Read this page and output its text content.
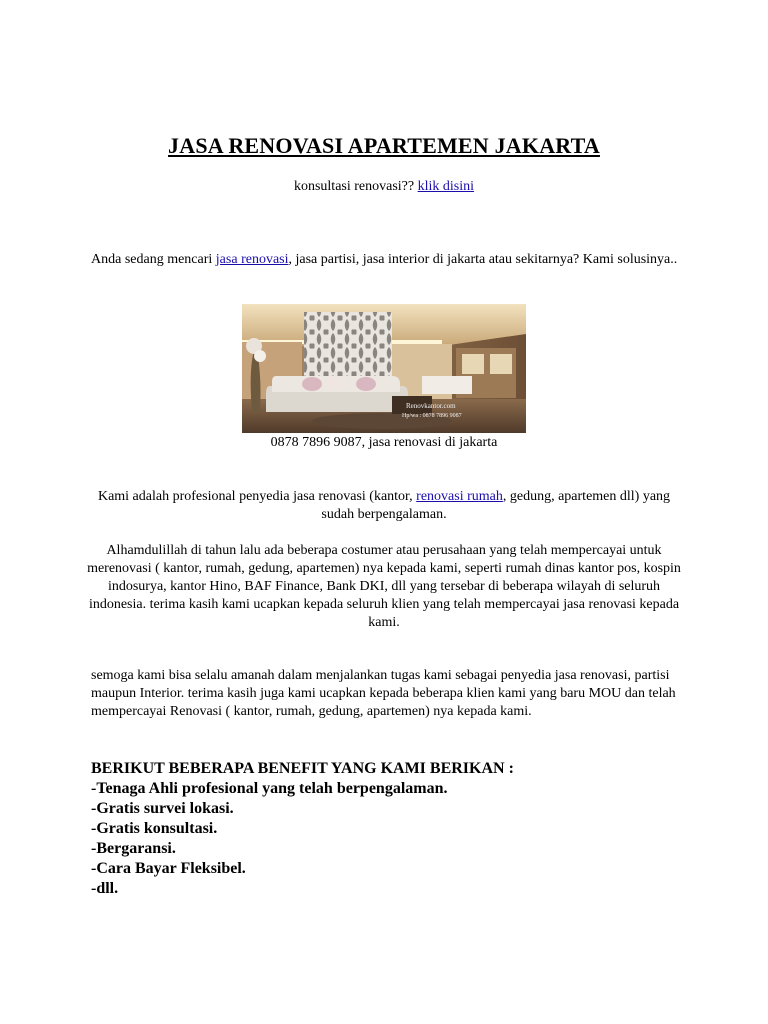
JASA RENOVASI APARTEMEN JAKARTA
konsultasi renovasi?? klik disini
Anda sedang mencari jasa renovasi, jasa partisi, jasa interior di jakarta atau sekitarnya? Kami solusinya..
Renovkantor.com
Hp/wa : 0878 7896 9087
0878 7896 9087, jasa renovasi di jakarta
Kami adalah profesional penyedia jasa renovasi (kantor, renovasi rumah, gedung, apartemen dll) yang sudah berpengalaman.
Alhamdulillah di tahun lalu ada beberapa costumer atau perusahaan yang telah mempercayai untuk merenovasi ( kantor, rumah, gedung, apartemen) nya kepada kami, seperti rumah dinas kantor pos, kospin indosurya, kantor Hino, BAF Finance, Bank DKI, dll yang tersebar di beberapa wilayah di seluruh indonesia. terima kasih kami ucapkan kepada seluruh klien yang telah mempercayai jasa renovasi kepada kami.
semoga kami bisa selalu amanah dalam menjalankan tugas kami sebagai penyedia jasa renovasi, partisi maupun Interior. terima kasih juga kami ucapkan kepada beberapa klien kami yang baru MOU dan telah mempercayai Renovasi ( kantor, rumah, gedung, apartemen) nya kepada kami.
BERIKUT BEBERAPA BENEFIT YANG KAMI BERIKAN :
-Tenaga Ahli profesional yang telah berpengalaman.
-Gratis survei lokasi.
-Gratis konsultasi.
-Bergaransi.
-Cara Bayar Fleksibel.
-dll.
